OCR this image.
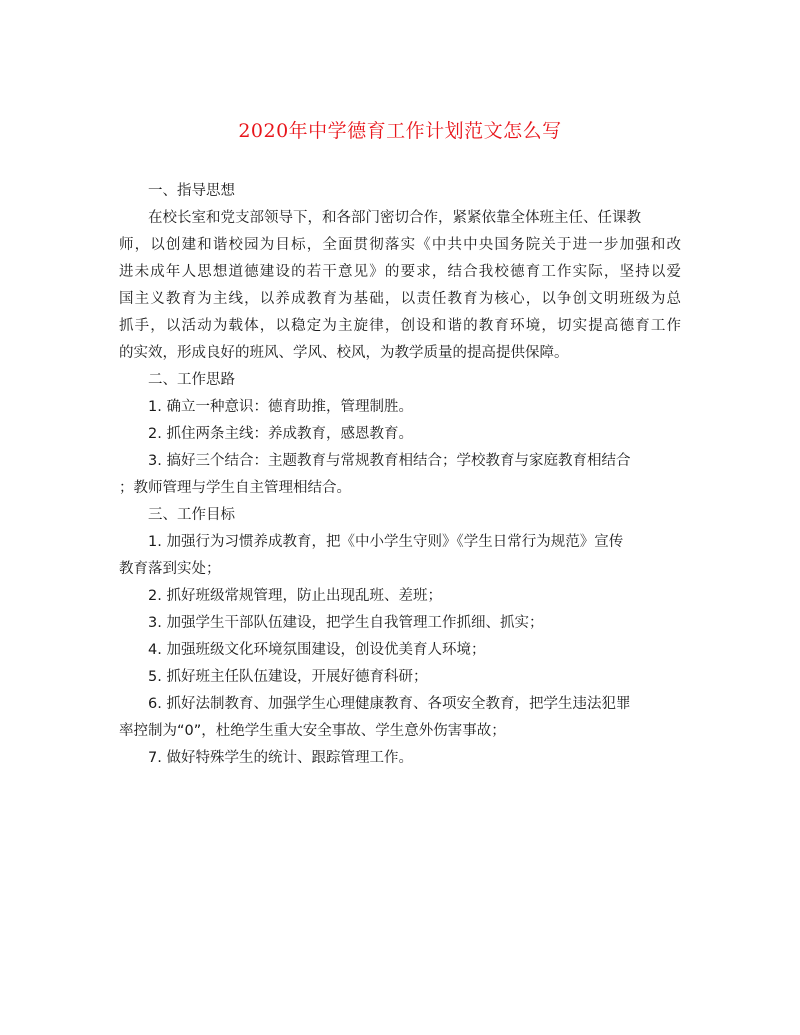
2020年中学德育工作计划范文怎么写
一、指导思想
在校长室和党支部领导下，和各部门密切合作，紧紧依靠全体班主任、任课教
师，以创建和谐校园为目标，全面贯彻落实《中共中央国务院关于进一步加强和改
进未成年人思想道德建设的若干意见》的要求，结合我校德育工作实际，坚持以爱
国主义教育为主线，以养成教育为基础，以责任教育为核心，以争创文明班级为总
抓手，以活动为载体，以稳定为主旋律，创设和谐的教育环境，切实提高德育工作
的实效，形成良好的班风、学风、校风，为教学质量的提高提供保障。
二、工作思路
1. 确立一种意识：德育助推，管理制胜。
2. 抓住两条主线：养成教育，感恩教育。
3. 搞好三个结合：主题教育与常规教育相结合；学校教育与家庭教育相结合
；教师管理与学生自主管理相结合。
三、工作目标
1. 加强行为习惯养成教育，把《中小学生守则》《学生日常行为规范》宣传
教育落到实处；
2. 抓好班级常规管理，防止出现乱班、差班；
3. 加强学生干部队伍建设，把学生自我管理工作抓细、抓实；
4. 加强班级文化环境氛围建设，创设优美育人环境；
5. 抓好班主任队伍建设，开展好德育科研；
6. 抓好法制教育、加强学生心理健康教育、各项安全教育，把学生违法犯罪
率控制为“0”，杜绝学生重大安全事故、学生意外伤害事故；
7. 做好特殊学生的统计、跟踪管理工作。
